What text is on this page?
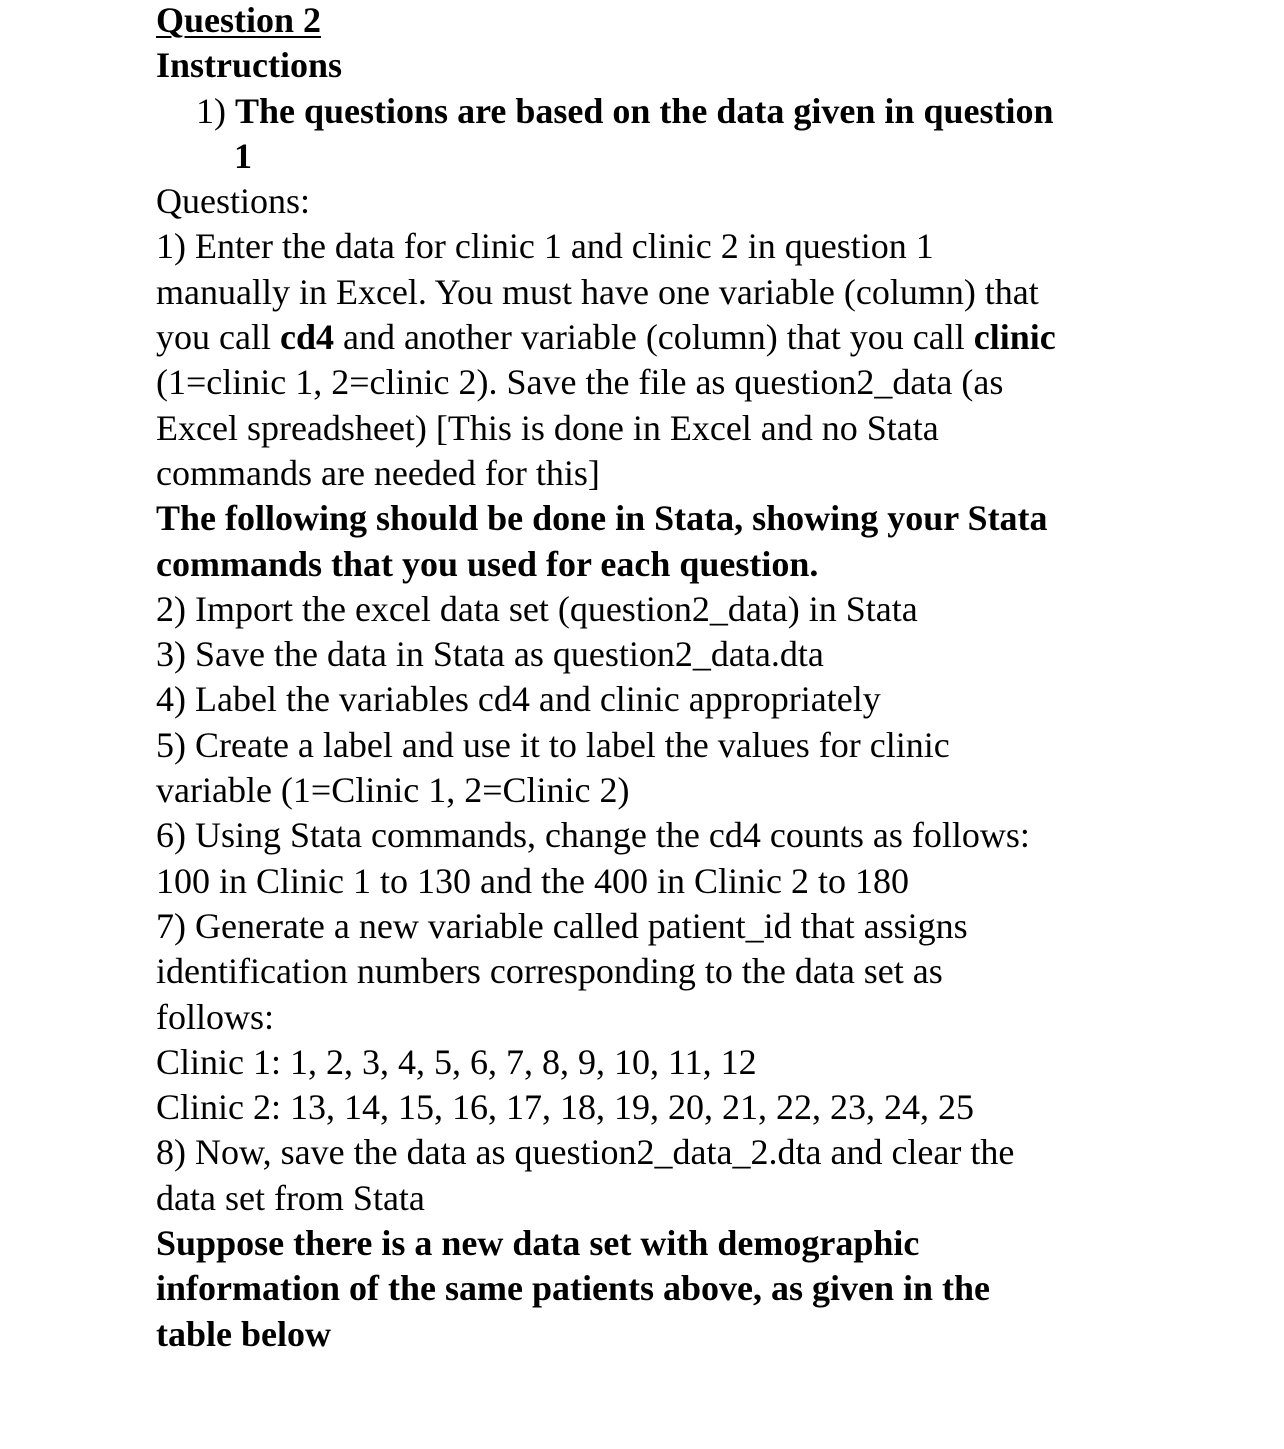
Question 2
Instructions
1) The questions are based on the data given in question
1
Questions:
1) Enter the data for clinic 1 and clinic 2 in question 1
manually in Excel. You must have one variable (column) that
you call cd4 and another variable (column) that you call clinic
(1=clinic 1, 2=clinic 2). Save the file as question2_data (as
Excel spreadsheet) [This is done in Excel and no Stata
commands are needed for this]
The following should be done in Stata, showing your Stata
commands that you used for each question.
2) Import the excel data set (question2_data) in Stata
3) Save the data in Stata as question2_data.dta
4) Label the variables cd4 and clinic appropriately
5) Create a label and use it to label the values for clinic
variable (1=Clinic 1, 2=Clinic 2)
6) Using Stata commands, change the cd4 counts as follows:
100 in Clinic 1 to 130 and the 400 in Clinic 2 to 180
7) Generate a new variable called patient_id that assigns
identification numbers corresponding to the data set as
follows:
Clinic 1: 1, 2, 3, 4, 5, 6, 7, 8, 9, 10, 11, 12
Clinic 2: 13, 14, 15, 16, 17, 18, 19, 20, 21, 22, 23, 24, 25
8) Now, save the data as question2_data_2.dta and clear the
data set from Stata
Suppose there is a new data set with demographic
information of the same patients above, as given in the
table below
